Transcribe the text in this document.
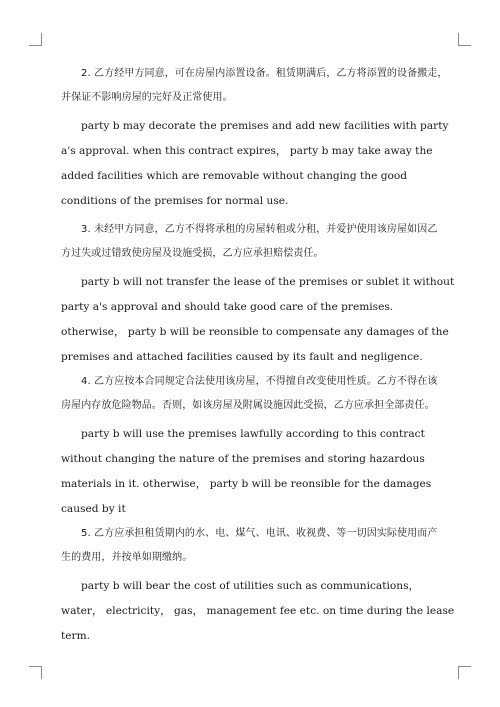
2. 乙方经甲方同意，可在房屋内添置设备。租赁期满后，乙方将添置的设备搬走，
并保证不影响房屋的完好及正常使用。

party b may decorate the premises and add new facilities with party
a's approval. when this contract expires， party b may take away the
added facilities which are removable without changing the good
conditions of the premises for normal use.

3. 未经甲方同意，乙方不得将承租的房屋转租或分租，并爱护使用该房屋如因乙
方过失或过错致使房屋及设施受损，乙方应承担赔偿责任。

party b will not transfer the lease of the premises or sublet it without
party a's approval and should take good care of the premises.
otherwise， party b will be reonsible to compensate any damages of the
premises and attached facilities caused by its fault and negligence.

4. 乙方应按本合同规定合法使用该房屋，不得擅自改变使用性质。乙方不得在该
房屋内存放危险物品。否则，如该房屋及附属设施因此受损，乙方应承担全部责任。

party b will use the premises lawfully according to this contract
without changing the nature of the premises and storing hazardous
materials in it. otherwise， party b will be reonsible for the damages
caused by it

5. 乙方应承担租赁期内的水、电、煤气、电讯、收视费、等一切因实际使用而产
生的费用，并按单如期缴纳。

party b will bear the cost of utilities such as communications，
water， electricity， gas， management fee etc. on time during the lease
term.
